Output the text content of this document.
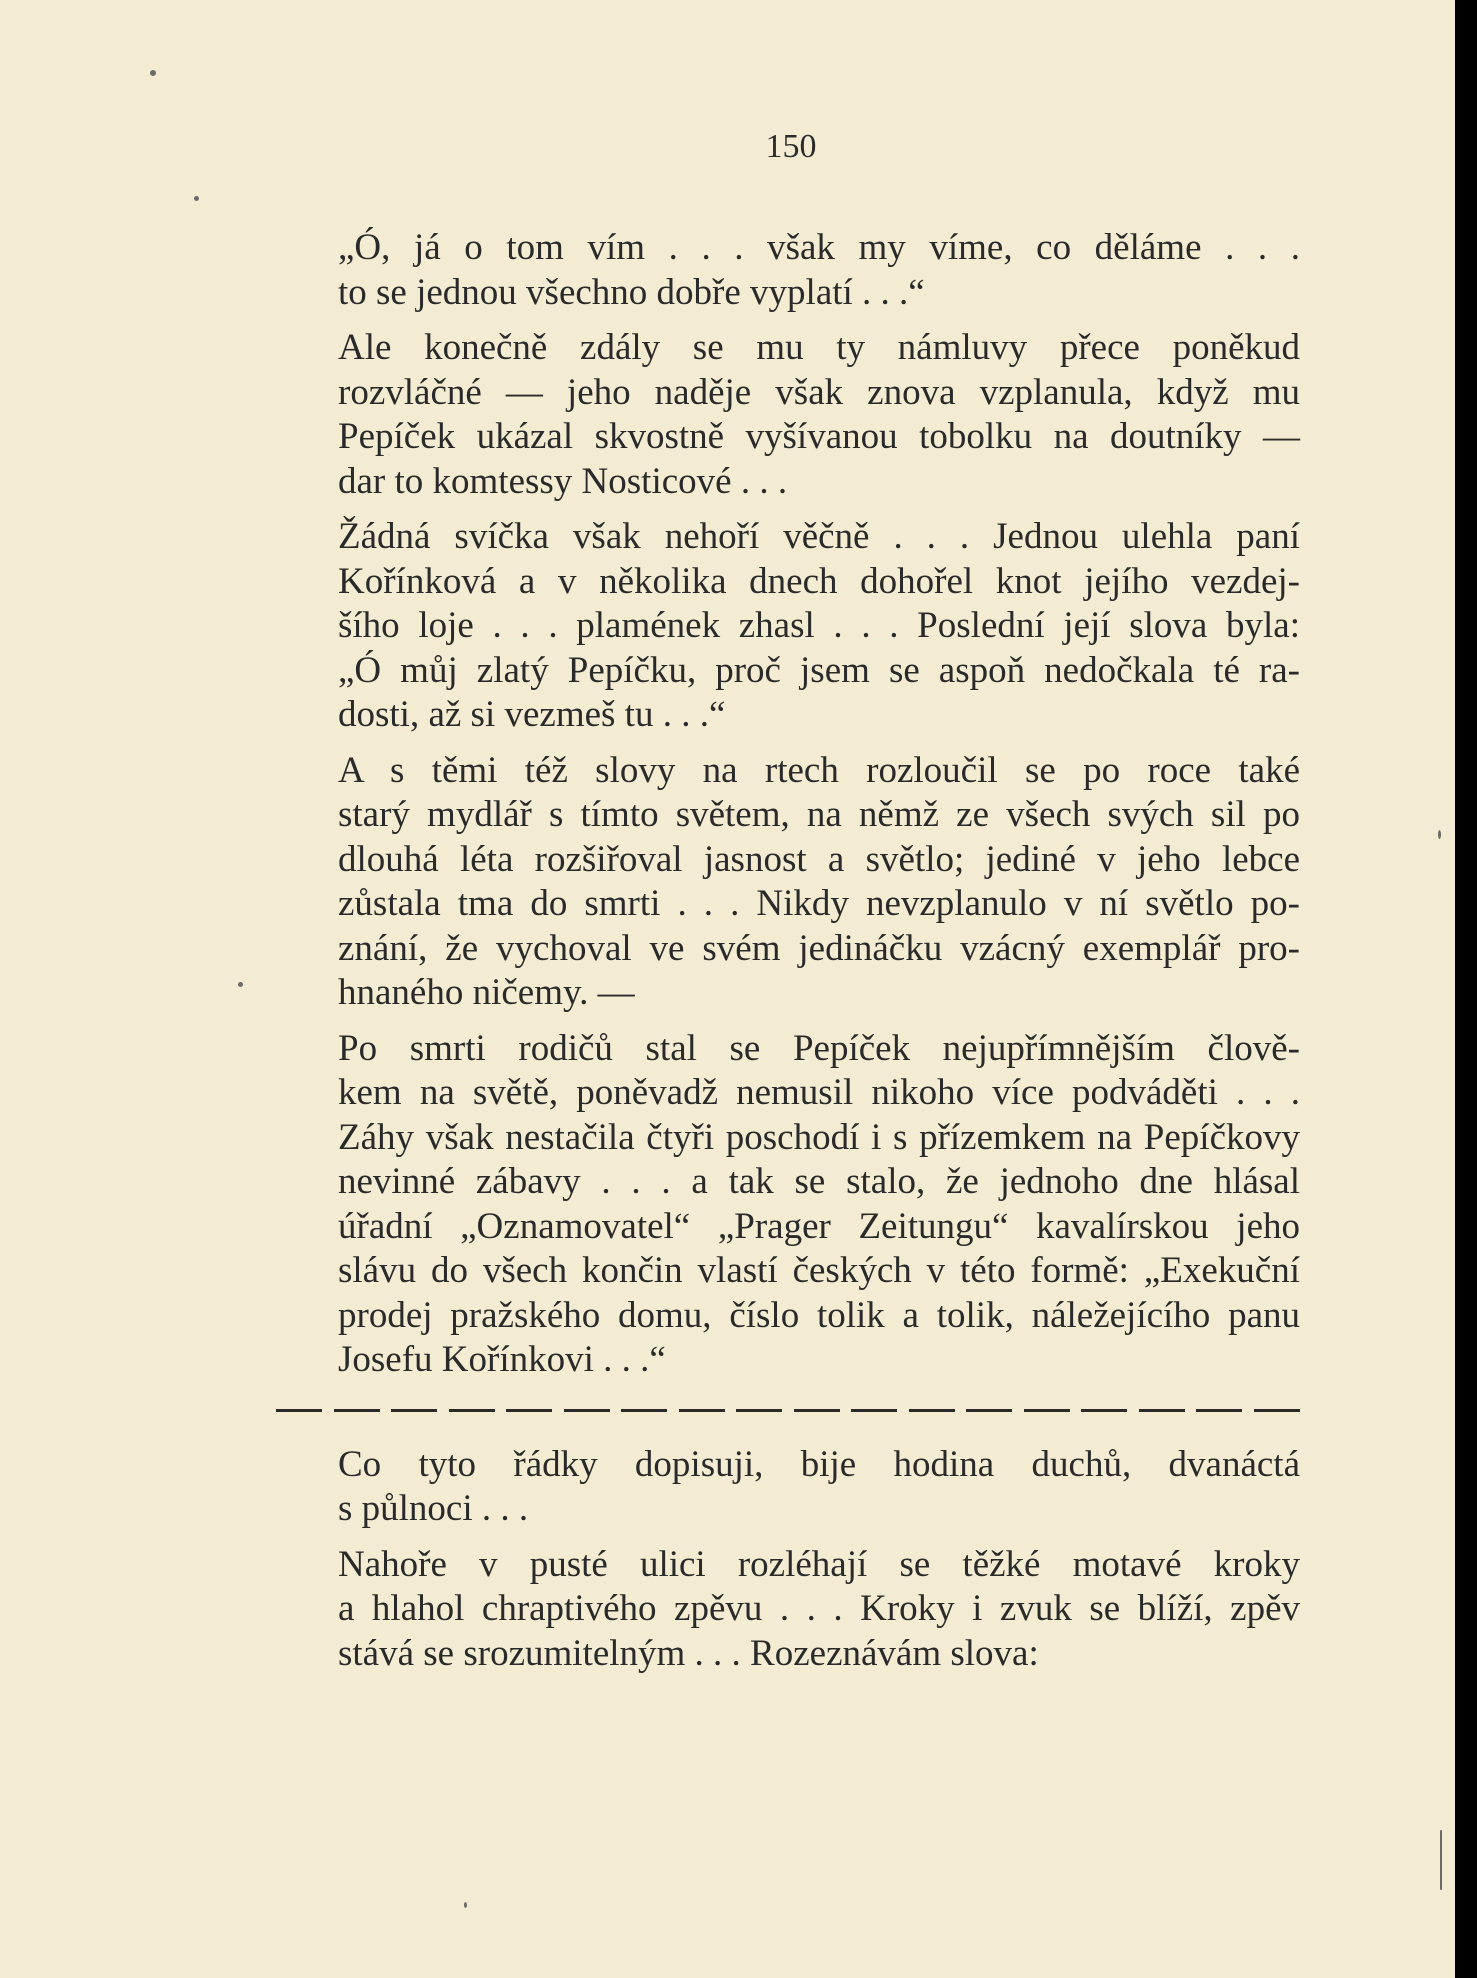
150

„Ó, já o tom vím . . . však my víme, co děláme . . .
to se jednou všechno dobře vyplatí . . .“

Ale konečně zdály se mu ty námluvy přece poněkud
rozvláčné — jeho naděje však znova vzplanula, když mu
Pepíček ukázal skvostně vyšívanou tobolku na doutníky —
dar to komtessy Nosticové . . .

Žádná svíčka však nehoří věčně . . . Jednou ulehla paní
Kořínková a v několika dnech dohořel knot jejího vezdej-
šího loje . . . plamének zhasl . . . Poslední její slova byla:
„Ó můj zlatý Pepíčku, proč jsem se aspoň nedočkala té ra-
dosti, až si vezmeš tu . . .“

A s těmi též slovy na rtech rozloučil se po roce také
starý mydlář s tímto světem, na němž ze všech svých sil po
dlouhá léta rozšiřoval jasnost a světlo; jediné v jeho lebce
zůstala tma do smrti . . . Nikdy nevzplanulo v ní světlo po-
znání, že vychoval ve svém jedináčku vzácný exemplář pro-
hnaného ničemy. —

Po smrti rodičů stal se Pepíček nejupřímnějším člově-
kem na světě, poněvadž nemusil nikoho více podváděti . . .
Záhy však nestačila čtyři poschodí i s přízemkem na Pepíčkovy
nevinné zábavy . . . a tak se stalo, že jednoho dne hlásal
úřadní „Oznamovatel“ „Prager Zeitungu“ kavalírskou jeho
slávu do všech končin vlastí českých v této formě: „Exekuční
prodej pražského domu, číslo tolik a tolik, náležejícího panu
Josefu Kořínkovi . . .“

Co tyto řádky dopisuji, bije hodina duchů, dvanáctá
s půlnoci . . .

Nahoře v pusté ulici rozléhají se těžké motavé kroky
a hlahol chraptivého zpěvu . . . Kroky i zvuk se blíží, zpěv
stává se srozumitelným . . . Rozeznávám slova:
